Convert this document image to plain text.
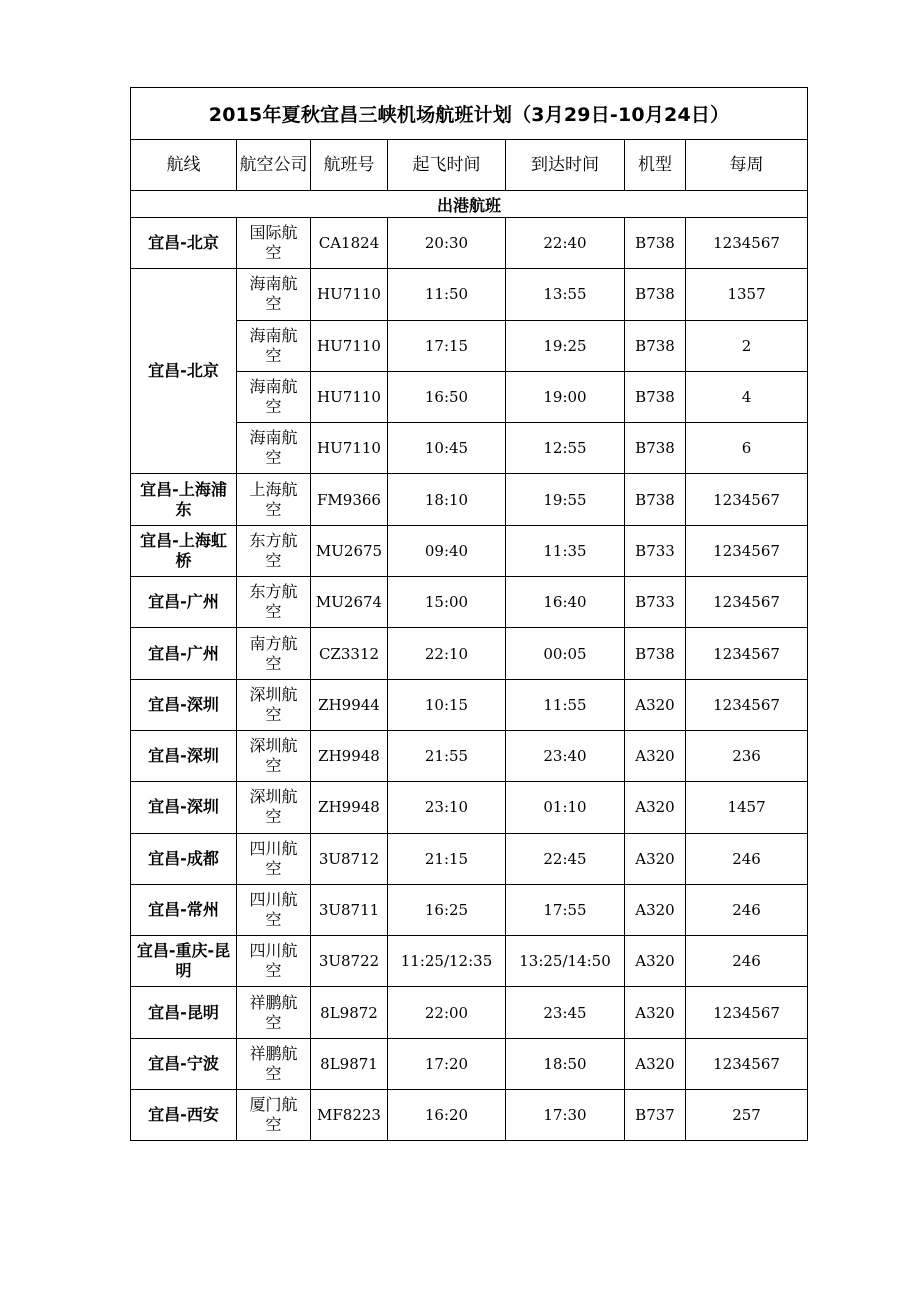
2015年夏秋宜昌三峡机场航班计划（3月29日-10月24日）						
航线	航空公司	航班号	起飞时间	到达时间	机型	每周
出港航班						
宜昌-北京	国际航空	CA1824	20:30	22:40	B738	1234567
宜昌-北京	海南航空	HU7110	11:50	13:55	B738	1357
	海南航空	HU7110	17:15	19:25	B738	2
	海南航空	HU7110	16:50	19:00	B738	4
	海南航空	HU7110	10:45	12:55	B738	6
宜昌-上海浦东	上海航空	FM9366	18:10	19:55	B738	1234567
宜昌-上海虹桥	东方航空	MU2675	09:40	11:35	B733	1234567
宜昌-广州	东方航空	MU2674	15:00	16:40	B733	1234567
宜昌-广州	南方航空	CZ3312	22:10	00:05	B738	1234567
宜昌-深圳	深圳航空	ZH9944	10:15	11:55	A320	1234567
宜昌-深圳	深圳航空	ZH9948	21:55	23:40	A320	236
宜昌-深圳	深圳航空	ZH9948	23:10	01:10	A320	1457
宜昌-成都	四川航空	3U8712	21:15	22:45	A320	246
宜昌-常州	四川航空	3U8711	16:25	17:55	A320	246
宜昌-重庆-昆明	四川航空	3U8722	11:25/12:35	13:25/14:50	A320	246
宜昌-昆明	祥鹏航空	8L9872	22:00	23:45	A320	1234567
宜昌-宁波	祥鹏航空	8L9871	17:20	18:50	A320	1234567
宜昌-西安	厦门航空	MF8223	16:20	17:30	B737	257
